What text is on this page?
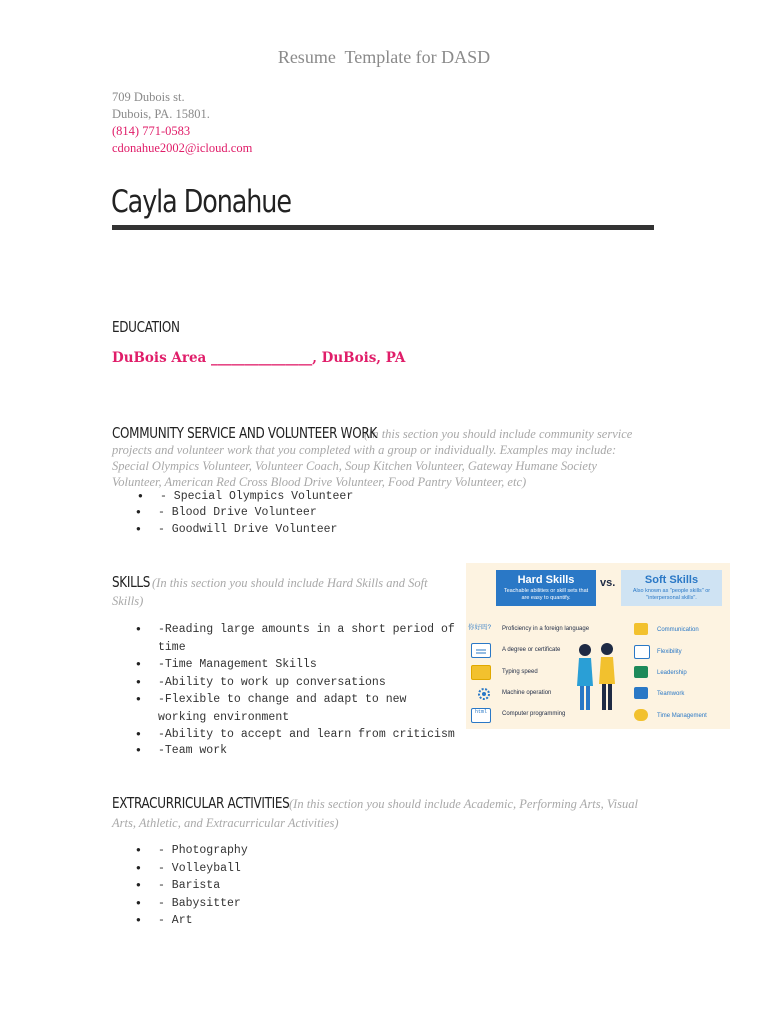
Resume  Template for DASD
709 Dubois st.
Dubois, PA. 15801.
(814) 771-0583
cdonahue2002@icloud.com
Cayla Donahue
EDUCATION
DuBois Area _______________, DuBois, PA
COMMUNITY SERVICE AND VOLUNTEER WORK
(In this section you should include community service
projects and volunteer work that you completed with a group or individually. Examples may include: Special Olympics Volunteer, Volunteer Coach, Soup Kitchen Volunteer, Gateway Humane Society Volunteer, American Red Cross Blood Drive Volunteer, Food Pantry Volunteer, etc)
● - Special Olympics Volunteer
● - Blood Drive Volunteer
● - Goodwill Drive Volunteer
SKILLS (In this section you should include Hard Skills and Soft
Skills)
● -Reading large amounts in a short period of time
● -Time Management Skills
● -Ability to work up conversations
● -Flexible to change and adapt to new working environment
● -Ability to accept and learn from criticism
● -Team work
Hard Skills
Teachable abilities or skill sets that are easy to quantify.
vs.	Soft Skills
Also known as "people skills" or "interpersonal skills".
你好吗? Proficiency in a foreign language
A degree or certificate
Typing speed
Machine operation
html	Computer programming
Communication
Flexibility
Leadership
Teamwork
Time Management
EXTRACURRICULAR ACTIVITIES (In this section you should include Academic, Performing Arts, Visual
Arts, Athletic, and Extracurricular Activities)
● - Photography
● - Volleyball
● - Barista
● - Babysitter
● - Art
